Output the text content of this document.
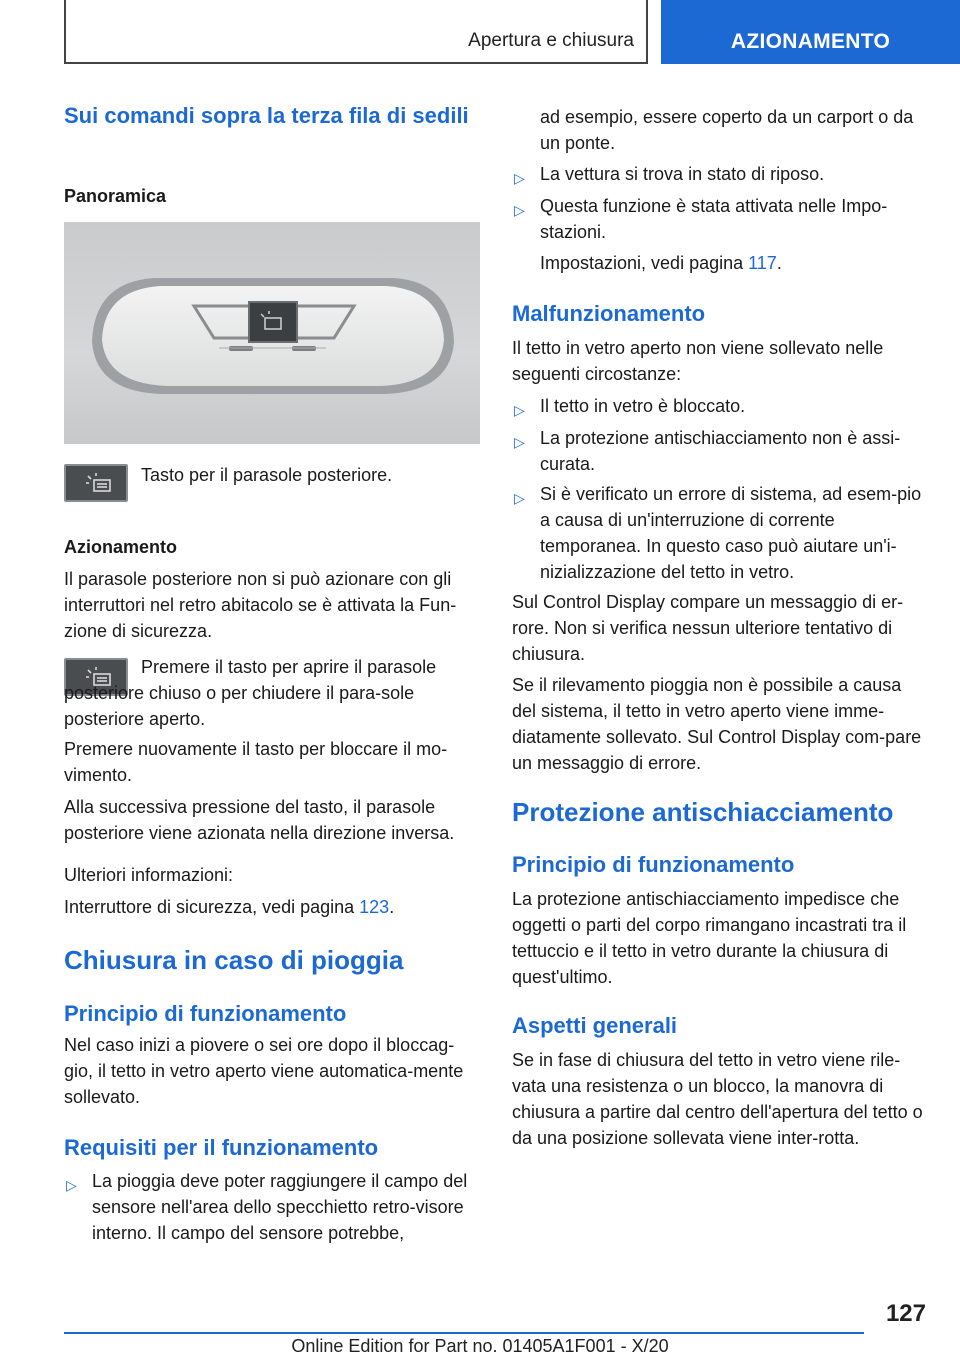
Apertura e chiusura	AZIONAMENTO
Sui comandi sopra la terza fila di sedili
Panoramica

Tasto per il parasole posteriore.

Azionamento

Il parasole posteriore non si può azionare con gli interruttori nel retro abitacolo se è attivata la Fun-zione di sicurezza.

Premere il tasto per aprire il parasole posteriore chiuso o per chiudere il para-sole posteriore aperto.

Premere nuovamente il tasto per bloccare il mo-vimento.

Alla successiva pressione del tasto, il parasole posteriore viene azionata nella direzione inversa.

Ulteriori informazioni:

Interruttore di sicurezza, vedi pagina 123.

Chiusura in caso di pioggia
Principio di funzionamento

Nel caso inizi a piovere o sei ore dopo il bloccag-gio, il tetto in vetro aperto viene automatica-mente sollevato.

Requisiti per il funzionamento
▷ La pioggia deve poter raggiungere il campo del sensore nell'area dello specchietto retro-visore interno. Il campo del sensore potrebbe,

ad esempio, essere coperto da un carport o da un ponte.

▷ La vettura si trova in stato di riposo.
▷ Questa funzione è stata attivata nelle Impo-stazioni.

Impostazioni, vedi pagina 117.

Malfunzionamento

Il tetto in vetro aperto non viene sollevato nelle seguenti circostanze:

▷ Il tetto in vetro è bloccato.
▷ La protezione antischiacciamento non è assi-curata.
▷ Si è verificato un errore di sistema, ad esem-pio a causa di un'interruzione di corrente temporanea. In questo caso può aiutare un'i-nizializzazione del tetto in vetro.

Sul Control Display compare un messaggio di er-rore. Non si verifica nessun ulteriore tentativo di chiusura.

Se il rilevamento pioggia non è possibile a causa del sistema, il tetto in vetro aperto viene imme-diatamente sollevato. Sul Control Display com-pare un messaggio di errore.

Protezione antischiacciamento
Principio di funzionamento

La protezione antischiacciamento impedisce che oggetti o parti del corpo rimangano incastrati tra il tettuccio e il tetto in vetro durante la chiusura di quest'ultimo.

Aspetti generali

Se in fase di chiusura del tetto in vetro viene rile-vata una resistenza o un blocco, la manovra di chiusura a partire dal centro dell'apertura del tetto o da una posizione sollevata viene inter-rotta.

127
Online Edition for Part no. 01405A1F001 - X/20
